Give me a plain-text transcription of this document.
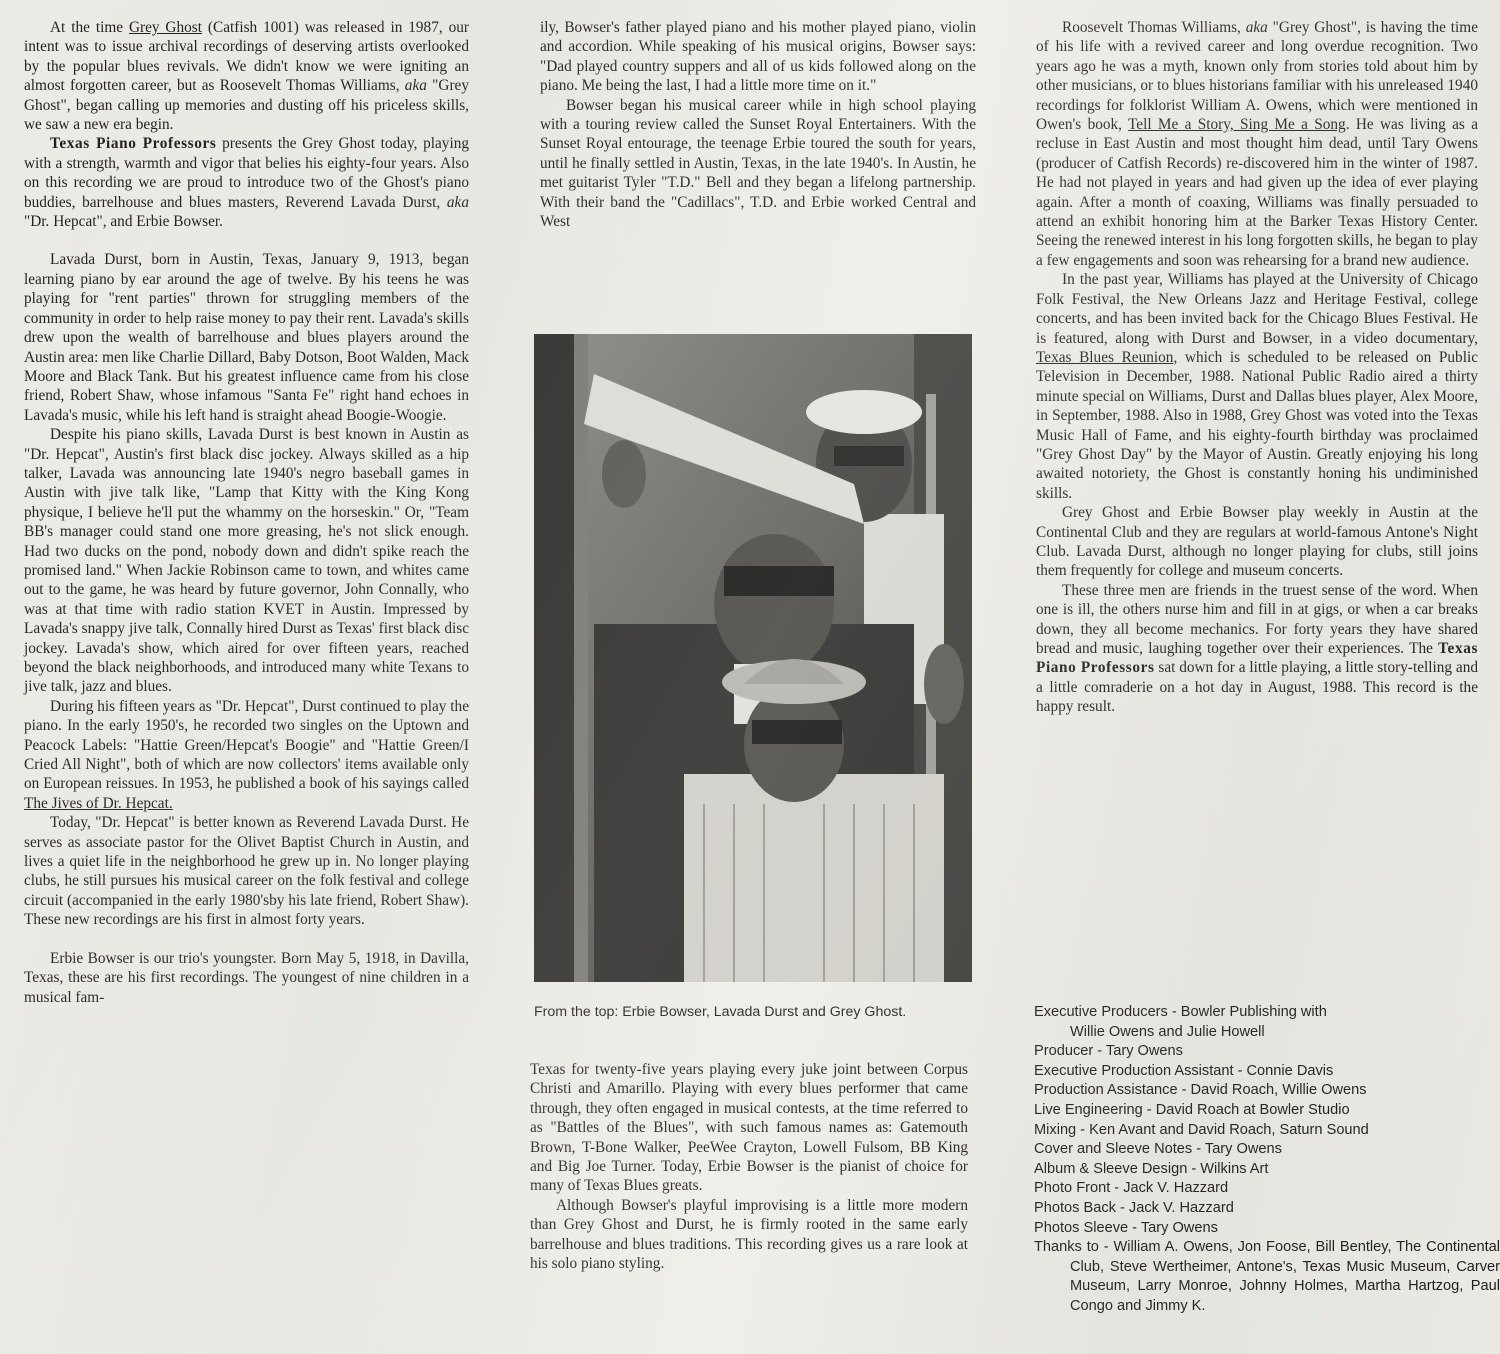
At the time Grey Ghost (Catfish 1001) was released in 1987, our intent was to issue archival recordings of deserving artists overlooked by the popular blues revivals. We didn't know we were igniting an almost forgotten career, but as Roosevelt Thomas Williams, aka "Grey Ghost", began calling up memories and dusting off his priceless skills, we saw a new era begin.

Texas Piano Professors presents the Grey Ghost today, playing with a strength, warmth and vigor that belies his eighty-four years. Also on this recording we are proud to introduce two of the Ghost's piano buddies, barrelhouse and blues masters, Reverend Lavada Durst, aka "Dr. Hepcat", and Erbie Bowser.

Lavada Durst, born in Austin, Texas, January 9, 1913, began learning piano by ear around the age of twelve. By his teens he was playing for "rent parties" thrown for struggling members of the community in order to help raise money to pay their rent. Lavada's skills drew upon the wealth of barrelhouse and blues players around the Austin area: men like Charlie Dillard, Baby Dotson, Boot Walden, Mack Moore and Black Tank. But his greatest influence came from his close friend, Robert Shaw, whose infamous "Santa Fe" right hand echoes in Lavada's music, while his left hand is straight ahead Boogie-Woogie.

Despite his piano skills, Lavada Durst is best known in Austin as "Dr. Hepcat", Austin's first black disc jockey. Always skilled as a hip talker, Lavada was announcing late 1940's negro baseball games in Austin with jive talk like, "Lamp that Kitty with the King Kong physique, I believe he'll put the whammy on the horseskin." Or, "Team BB's manager could stand one more greasing, he's not slick enough. Had two ducks on the pond, nobody down and didn't spike reach the promised land." When Jackie Robinson came to town, and whites came out to the game, he was heard by future governor, John Connally, who was at that time with radio station KVET in Austin. Impressed by Lavada's snappy jive talk, Connally hired Durst as Texas' first black disc jockey. Lavada's show, which aired for over fifteen years, reached beyond the black neighborhoods, and introduced many white Texans to jive talk, jazz and blues.

During his fifteen years as "Dr. Hepcat", Durst continued to play the piano. In the early 1950's, he recorded two singles on the Uptown and Peacock Labels: "Hattie Green/Hepcat's Boogie" and "Hattie Green/I Cried All Night", both of which are now collectors' items available only on European reissues. In 1953, he published a book of his sayings called The Jives of Dr. Hepcat.

Today, "Dr. Hepcat" is better known as Reverend Lavada Durst. He serves as associate pastor for the Olivet Baptist Church in Austin, and lives a quiet life in the neighborhood he grew up in. No longer playing clubs, he still pursues his musical career on the folk festival and college circuit (accompanied in the early 1980'sby his late friend, Robert Shaw). These new recordings are his first in almost forty years.

Erbie Bowser is our trio's youngster. Born May 5, 1918, in Davilla, Texas, these are his first recordings. The youngest of nine children in a musical fam-

ily, Bowser's father played piano and his mother played piano, violin and accordion. While speaking of his musical origins, Bowser says: "Dad played country suppers and all of us kids followed along on the piano. Me being the last, I had a little more time on it."

Bowser began his musical career while in high school playing with a touring review called the Sunset Royal Entertainers. With the Sunset Royal entourage, the teenage Erbie toured the south for years, until he finally settled in Austin, Texas, in the late 1940's. In Austin, he met guitarist Tyler "T.D." Bell and they began a lifelong partnership. With their band the "Cadillacs", T.D. and Erbie worked Central and West

From the top: Erbie Bowser, Lavada Durst and Grey Ghost.

Texas for twenty-five years playing every juke joint between Corpus Christi and Amarillo. Playing with every blues performer that came through, they often engaged in musical contests, at the time referred to as "Battles of the Blues", with such famous names as: Gatemouth Brown, T-Bone Walker, PeeWee Crayton, Lowell Fulsom, BB King and Big Joe Turner. Today, Erbie Bowser is the pianist of choice for many of Texas Blues greats.

Although Bowser's playful improvising is a little more modern than Grey Ghost and Durst, he is firmly rooted in the same early barrelhouse and blues traditions. This recording gives us a rare look at his solo piano styling.

Roosevelt Thomas Williams, aka "Grey Ghost", is having the time of his life with a revived career and long overdue recognition. Two years ago he was a myth, known only from stories told about him by other musicians, or to blues historians familiar with his unreleased 1940 recordings for folklorist William A. Owens, which were mentioned in Owen's book, Tell Me a Story, Sing Me a Song. He was living as a recluse in East Austin and most thought him dead, until Tary Owens (producer of Catfish Records) re-discovered him in the winter of 1987. He had not played in years and had given up the idea of ever playing again. After a month of coaxing, Williams was finally persuaded to attend an exhibit honoring him at the Barker Texas History Center. Seeing the renewed interest in his long forgotten skills, he began to play a few engagements and soon was rehearsing for a brand new audience.

In the past year, Williams has played at the University of Chicago Folk Festival, the New Orleans Jazz and Heritage Festival, college concerts, and has been invited back for the Chicago Blues Festival. He is featured, along with Durst and Bowser, in a video documentary, Texas Blues Reunion, which is scheduled to be released on Public Television in December, 1988. National Public Radio aired a thirty minute special on Williams, Durst and Dallas blues player, Alex Moore, in September, 1988. Also in 1988, Grey Ghost was voted into the Texas Music Hall of Fame, and his eighty-fourth birthday was proclaimed "Grey Ghost Day" by the Mayor of Austin. Greatly enjoying his long awaited notoriety, the Ghost is constantly honing his undiminished skills.

Grey Ghost and Erbie Bowser play weekly in Austin at the Continental Club and they are regulars at world-famous Antone's Night Club. Lavada Durst, although no longer playing for clubs, still joins them frequently for college and museum concerts.

These three men are friends in the truest sense of the word. When one is ill, the others nurse him and fill in at gigs, or when a car breaks down, they all become mechanics. For forty years they have shared bread and music, laughing together over their experiences. The Texas Piano Professors sat down for a little playing, a little story-telling and a little comraderie on a hot day in August, 1988. This record is the happy result.

Executive Producers - Bowler Publishing with
Willie Owens and Julie Howell
Producer - Tary Owens
Executive Production Assistant - Connie Davis
Production Assistance - David Roach, Willie Owens
Live Engineering - David Roach at Bowler Studio
Mixing - Ken Avant and David Roach, Saturn Sound
Cover and Sleeve Notes - Tary Owens
Album & Sleeve Design - Wilkins Art
Photo Front - Jack V. Hazzard
Photos Back - Jack V. Hazzard
Photos Sleeve - Tary Owens
Thanks to - William A. Owens, Jon Foose, Bill Bentley, The Continental Club, Steve Wertheimer, Antone's, Texas Music Museum, Carver Museum, Larry Monroe, Johnny Holmes, Martha Hartzog, Paul Congo and Jimmy K.
